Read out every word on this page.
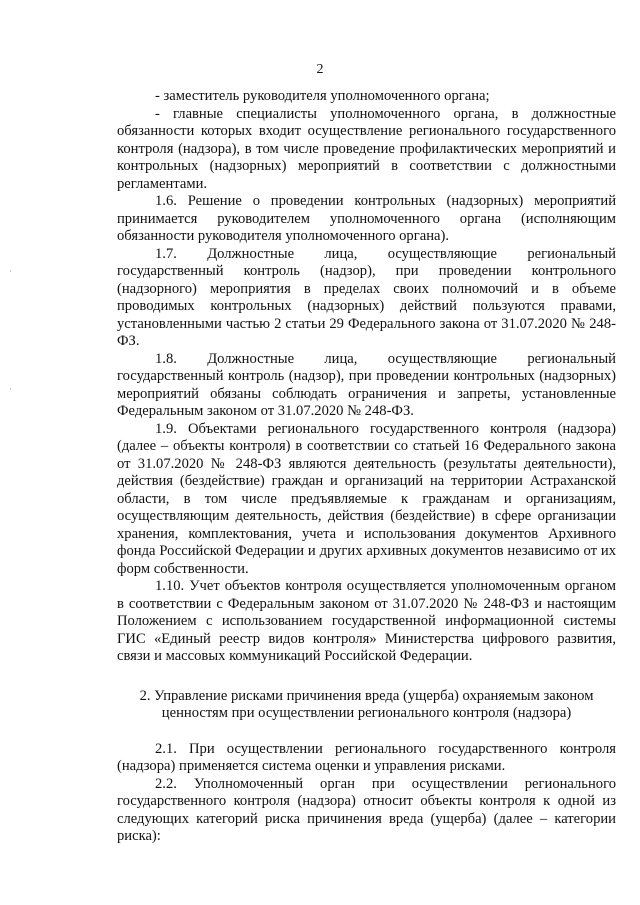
2
·
·

- заместитель руководителя уполномоченного органа;

- главные специалисты уполномоченного органа, в должностные обязанности которых входит осуществление регионального государственного контроля (надзора), в том числе проведение профилактических мероприятий и контрольных (надзорных) мероприятий в соответствии с должностными регламентами.

1.6. Решение о проведении контрольных (надзорных) мероприятий принимается руководителем уполномоченного органа (исполняющим обязанности руководителя уполномоченного органа).

1.7. Должностные лица, осуществляющие региональный государственный контроль (надзор), при проведении контрольного (надзорного) мероприятия в пределах своих полномочий и в объеме проводимых контрольных (надзорных) действий пользуются правами, установленными частью 2 статьи 29 Федерального закона от 31.07.2020 № 248-ФЗ.

1.8. Должностные лица, осуществляющие региональный государственный контроль (надзор), при проведении контрольных (надзорных) мероприятий обязаны соблюдать ограничения и запреты, установленные Федеральным законом от 31.07.2020 № 248-ФЗ.

1.9. Объектами регионального государственного контроля (надзора) (далее – объекты контроля) в соответствии со статьей 16 Федерального закона от 31.07.2020 № 248-ФЗ являются деятельность (результаты деятельности), действия (бездействие) граждан и организаций на территории Астраханской области, в том числе предъявляемые к гражданам и организациям, осуществляющим деятельность, действия (бездействие) в сфере организации хранения, комплектования, учета и использования документов Архивного фонда Российской Федерации и других архивных документов независимо от их форм собственности.

1.10. Учет объектов контроля осуществляется уполномоченным органом в соответствии с Федеральным законом от 31.07.2020 № 248-ФЗ и настоящим Положением с использованием государственной информационной системы ГИС «Единый реестр видов контроля» Министерства цифрового развития, связи и массовых коммуникаций Российской Федерации.

2. Управление рисками причинения вреда (ущерба) охраняемым законом ценностям при осуществлении регионального контроля (надзора)

2.1. При осуществлении регионального государственного контроля (надзора) применяется система оценки и управления рисками.

2.2. Уполномоченный орган при осуществлении регионального государственного контроля (надзора) относит объекты контроля к одной из следующих категорий риска причинения вреда (ущерба) (далее – категории риска):
